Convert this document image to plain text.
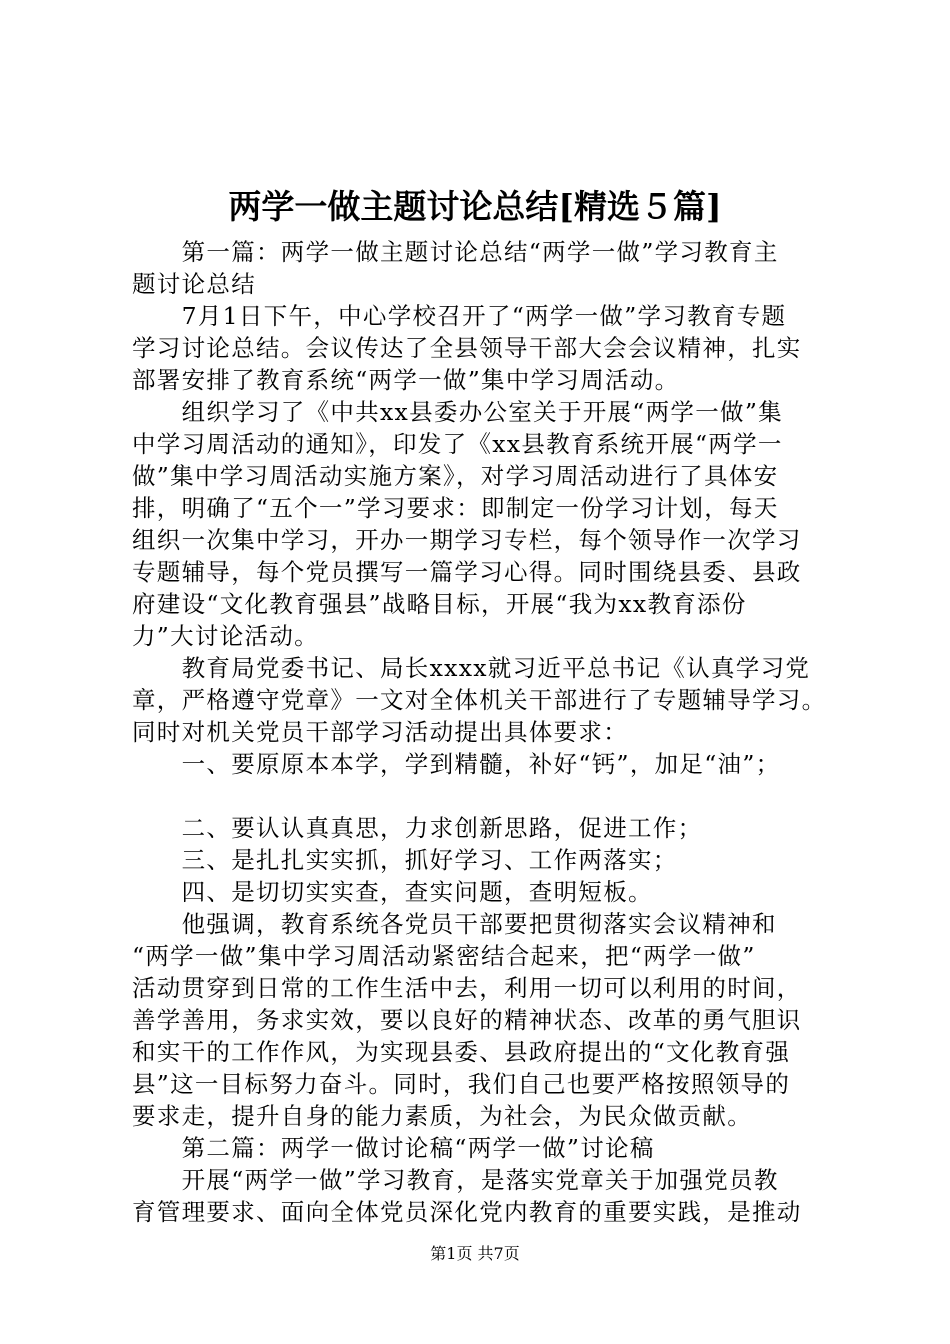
两学一做主题讨论总结[精选５篇]
　　第一篇：两学一做主题讨论总结“两学一做”学习教育主
题讨论总结
　　7月1日下午，中心学校召开了“两学一做”学习教育专题
学习讨论总结。会议传达了全县领导干部大会会议精神，扎实
部署安排了教育系统“两学一做”集中学习周活动。
　　组织学习了《中共xx县委办公室关于开展“两学一做”集
中学习周活动的通知》，印发了《xx县教育系统开展“两学一
做”集中学习周活动实施方案》，对学习周活动进行了具体安
排，明确了“五个一”学习要求：即制定一份学习计划，每天
组织一次集中学习，开办一期学习专栏，每个领导作一次学习
专题辅导，每个党员撰写一篇学习心得。同时围绕县委、县政
府建设“文化教育强县”战略目标，开展“我为xx教育添份
力”大讨论活动。
　　教育局党委书记、局长xxxx就习近平总书记《认真学习党
章，严格遵守党章》一文对全体机关干部进行了专题辅导学习。
同时对机关党员干部学习活动提出具体要求：
　　一、要原原本本学，学到精髓，补好“钙”，加足“油”；
　　二、要认认真真思，力求创新思路，促进工作；
　　三、是扎扎实实抓，抓好学习、工作两落实；
　　四、是切切实实查，查实问题，查明短板。
　　他强调，教育系统各党员干部要把贯彻落实会议精神和
“两学一做”集中学习周活动紧密结合起来，把“两学一做”
活动贯穿到日常的工作生活中去，利用一切可以利用的时间，
善学善用，务求实效，要以良好的精神状态、改革的勇气胆识
和实干的工作作风，为实现县委、县政府提出的“文化教育强
县”这一目标努力奋斗。同时，我们自己也要严格按照领导的
要求走，提升自身的能力素质，为社会，为民众做贡献。
　　第二篇：两学一做讨论稿“两学一做”讨论稿
　　开展“两学一做”学习教育，是落实党章关于加强党员教
育管理要求、面向全体党员深化党内教育的重要实践，是推动
第1页 共7页
